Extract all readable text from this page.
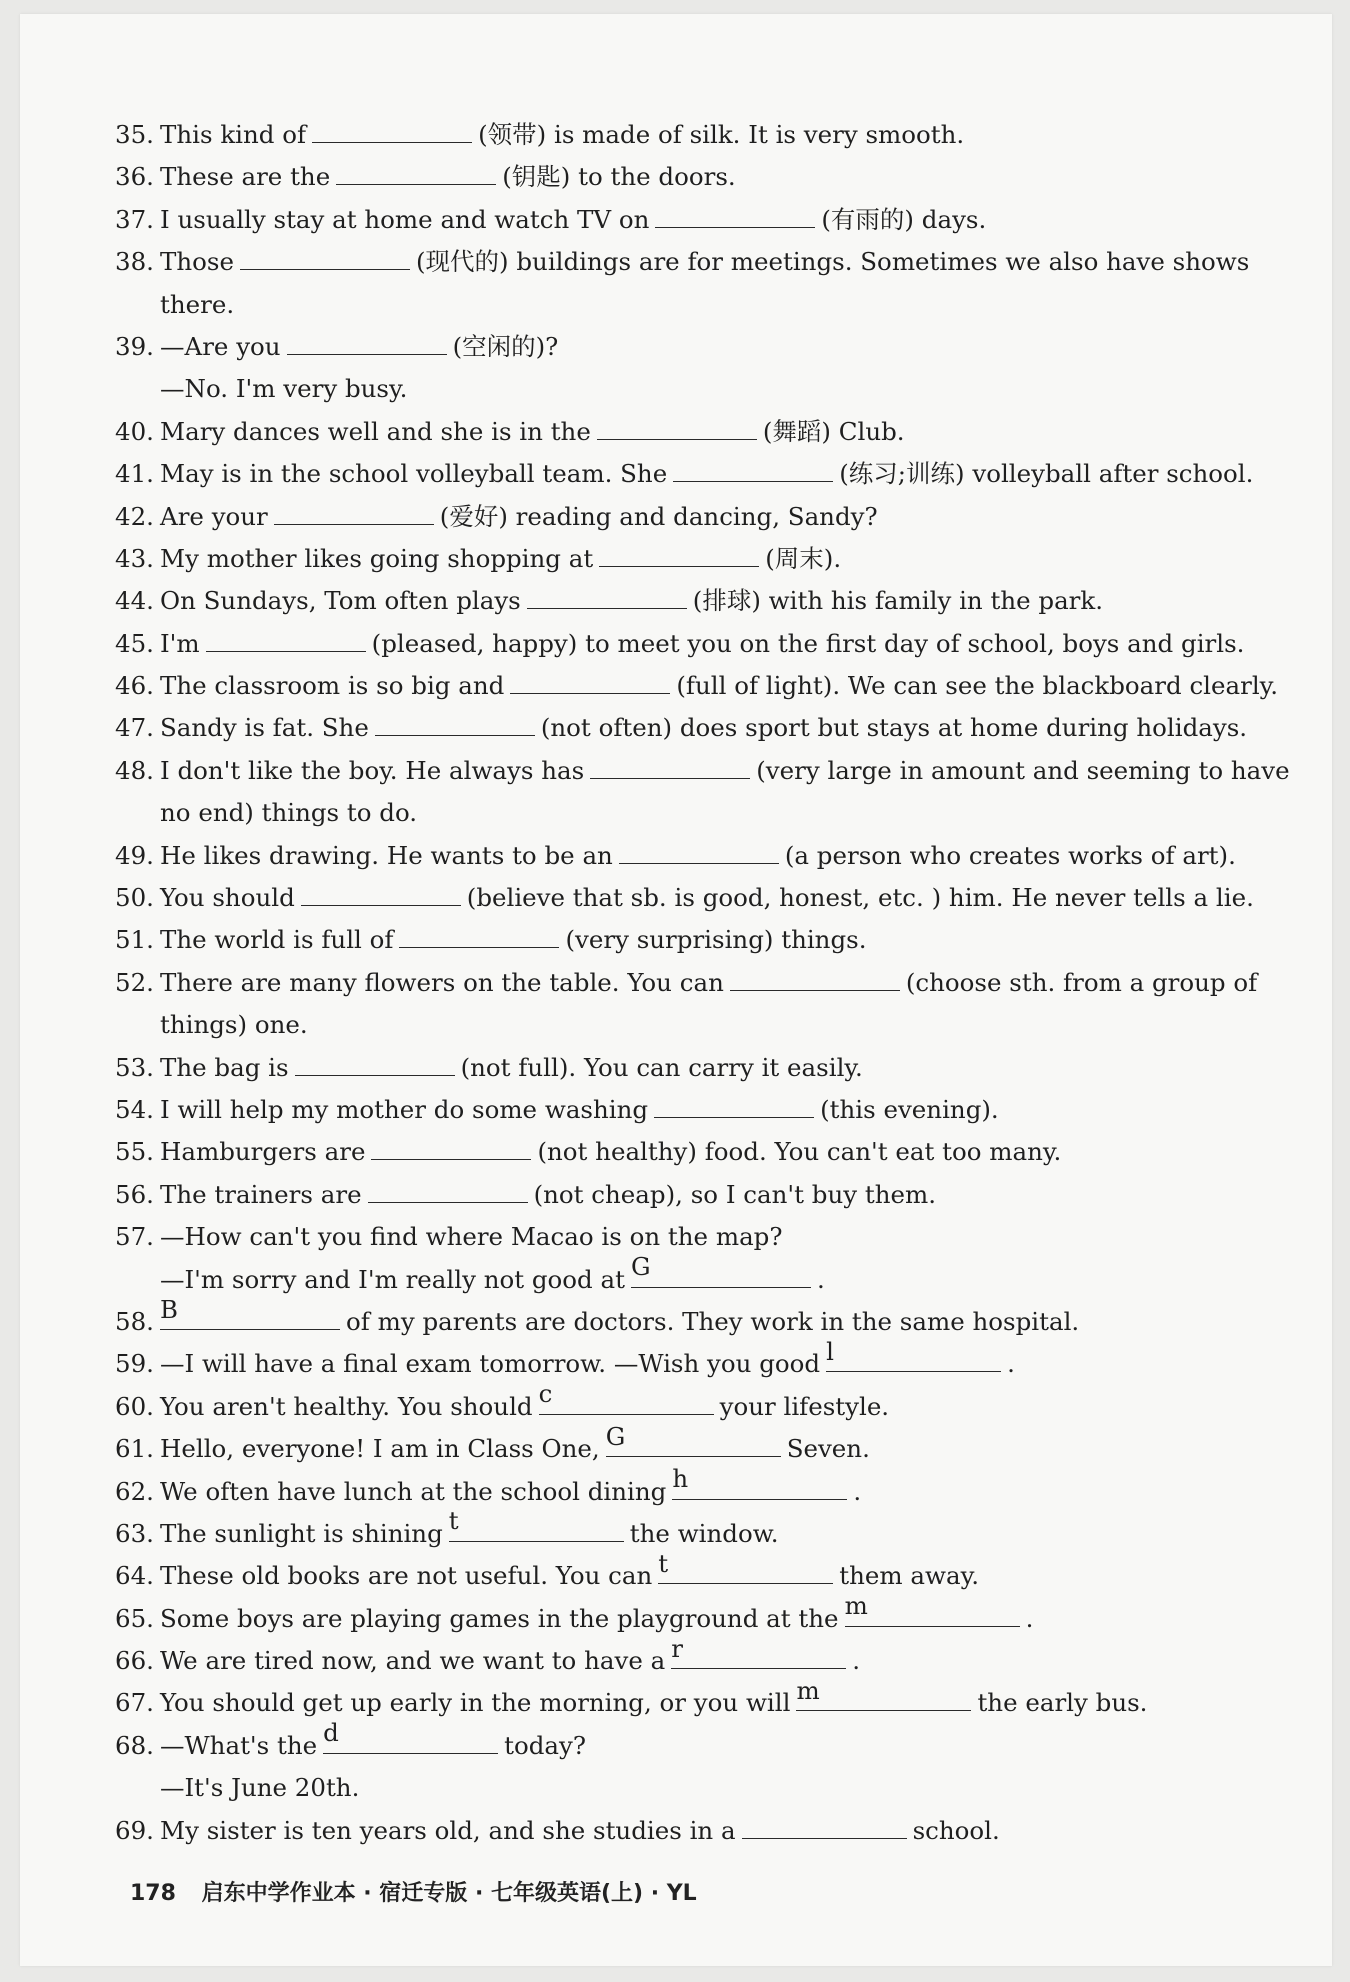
35. This kind of	(领带) is made of silk. It is very smooth.
36. These are the	(钥匙) to the doors.
37. I usually stay at home and watch TV on	(有雨的) days.
38. Those	(现代的) buildings are for meetings. Sometimes we also have shows
there.
39. —Are you	(空闲的)?
—No. I'm very busy.
40. Mary dances well and she is in the	(舞蹈) Club.
41. May is in the school volleyball team. She	(练习;训练) volleyball after school.
42. Are your	(爱好) reading and dancing, Sandy?
43. My mother likes going shopping at	(周末).
44. On Sundays, Tom often plays	(排球) with his family in the park.
45. I'm	(pleased, happy) to meet you on the first day of school, boys and girls.
46. The classroom is so big and	(full of light). We can see the blackboard clearly.
47. Sandy is fat. She	(not often) does sport but stays at home during holidays.
48. I don't like the boy. He always has	(very large in amount and seeming to have
no end) things to do.
49. He likes drawing. He wants to be an	(a person who creates works of art).
50. You should	(believe that sb. is good, honest, etc. ) him. He never tells a lie.
51. The world is full of	(very surprising) things.
52. There are many flowers on the table. You can	(choose sth. from a group of
things) one.
53. The bag is	(not full). You can carry it easily.
54. I will help my mother do some washing	(this evening).
55. Hamburgers are	(not healthy) food. You can't eat too many.
56. The trainers are	(not cheap), so I can't buy them.
57. —How can't you find where Macao is on the map?
—I'm sorry and I'm really not good at G	.
58. B	of my parents are doctors. They work in the same hospital.
59. —I will have a final exam tomorrow. —Wish you good l	.
60. You aren't healthy. You should c	your lifestyle.
61. Hello, everyone! I am in Class One, G	Seven.
62. We often have lunch at the school dining h	.
63. The sunlight is shining t	the window.
64. These old books are not useful. You can t	them away.
65. Some boys are playing games in the playground at the m	.
66. We are tired now, and we want to have a r	.
67. You should get up early in the morning, or you will m	the early bus.
68. —What's the d	today?
—It's June 20th.
69. My sister is ten years old, and she studies in a	school.
178 启东中学作业本 · 宿迁专版 · 七年级英语(上) · YL
